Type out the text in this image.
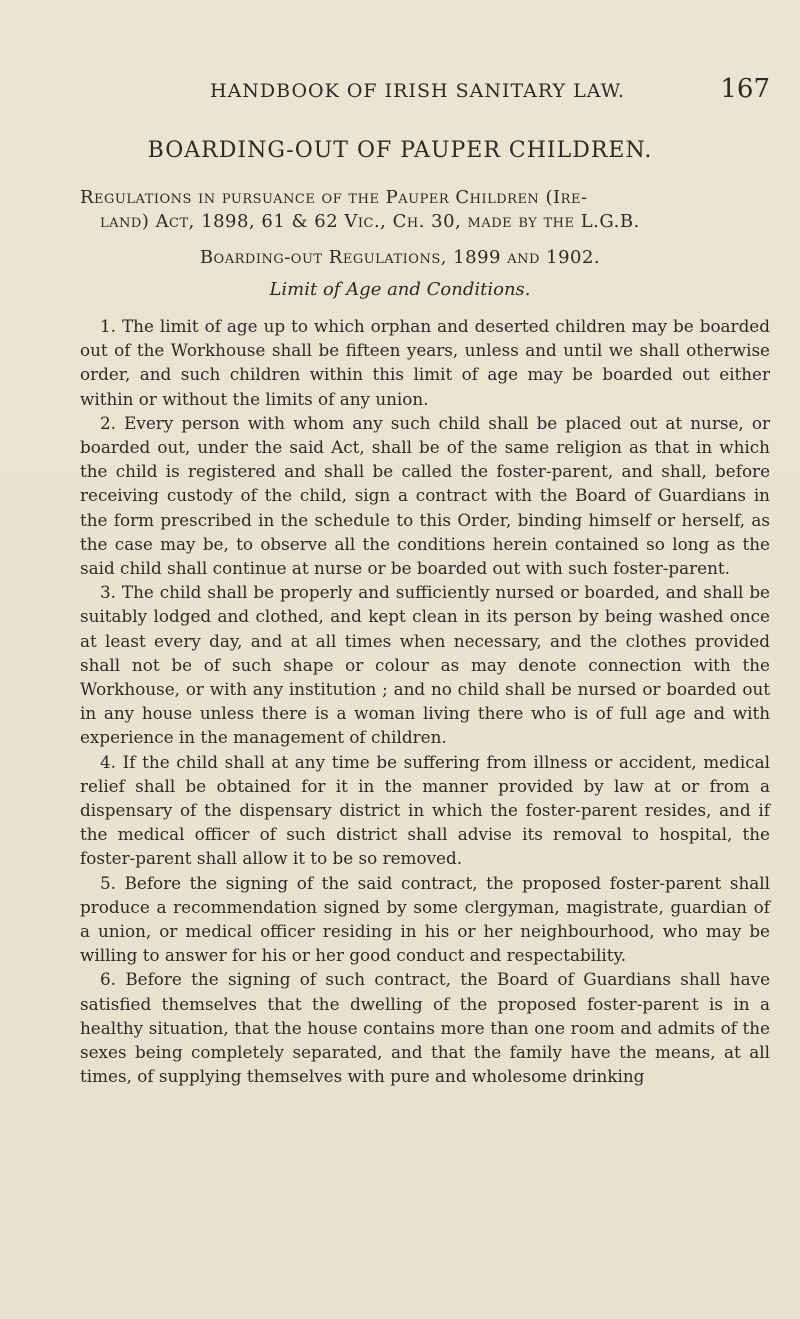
HANDBOOK OF IRISH SANITARY LAW.	167
BOARDING-OUT OF PAUPER CHILDREN.
Regulations in pursuance of the Pauper Children (Ire-
land) Act, 1898, 61 & 62 Vic., Ch. 30, made by the L.G.B.
Boarding-out Regulations, 1899 and 1902.
Limit of Age and Conditions.

1. The limit of age up to which orphan and deserted children may be boarded out of the Workhouse shall be fifteen years, unless and until we shall otherwise order, and such children within this limit of age may be boarded out either within or without the limits of any union.

2. Every person with whom any such child shall be placed out at nurse, or boarded out, under the said Act, shall be of the same religion as that in which the child is registered and shall be called the foster-parent, and shall, before receiving custody of the child, sign a contract with the Board of Guardians in the form prescribed in the schedule to this Order, binding himself or herself, as the case may be, to observe all the conditions herein contained so long as the said child shall continue at nurse or be boarded out with such foster-parent.

3. The child shall be properly and sufficiently nursed or boarded, and shall be suitably lodged and clothed, and kept clean in its person by being washed once at least every day, and at all times when necessary, and the clothes provided shall not be of such shape or colour as may denote connection with the Workhouse, or with any institution ; and no child shall be nursed or boarded out in any house unless there is a woman living there who is of full age and with experience in the management of children.

4. If the child shall at any time be suffering from illness or accident, medical relief shall be obtained for it in the manner provided by law at or from a dispensary of the dispensary district in which the foster-parent resides, and if the medical officer of such district shall advise its removal to hospital, the foster-parent shall allow it to be so removed.

5. Before the signing of the said contract, the proposed foster-parent shall produce a recommendation signed by some clergyman, magistrate, guardian of a union, or medical officer residing in his or her neighbourhood, who may be willing to answer for his or her good conduct and respectability.

6. Before the signing of such contract, the Board of Guardians shall have satisfied themselves that the dwelling of the proposed foster-parent is in a healthy situation, that the house contains more than one room and admits of the sexes being completely separated, and that the family have the means, at all times, of supplying themselves with pure and wholesome drinking
